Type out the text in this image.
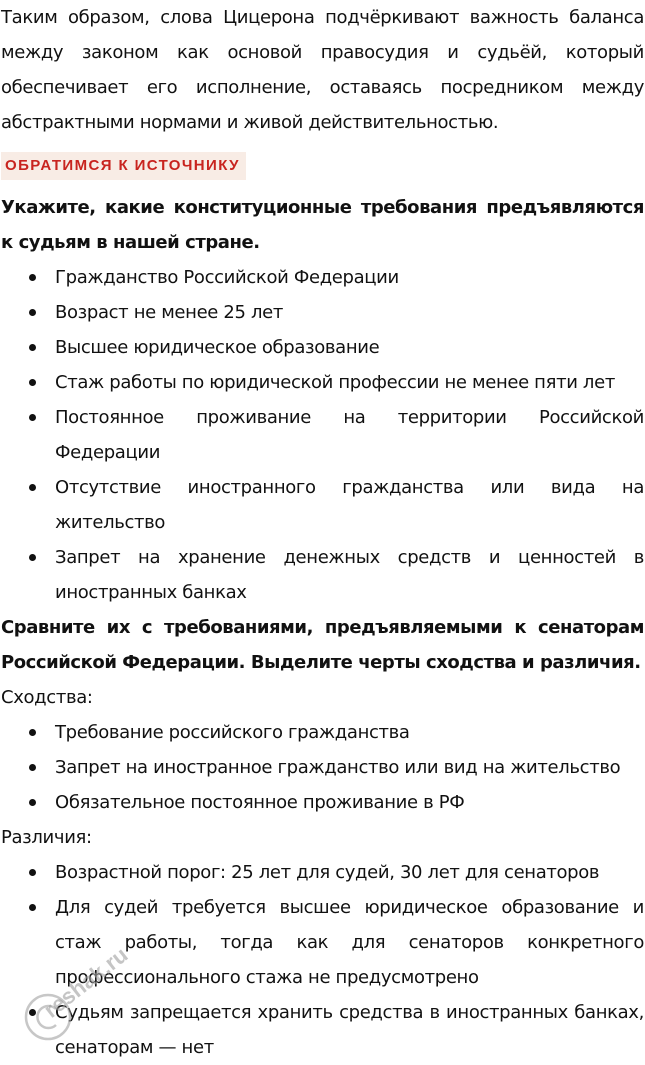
Таким образом, слова Цицерона подчёркивают важность баланса между законом как основой правосудия и судьёй, который обеспечивает его исполнение, оставаясь посредником между абстрактными нормами и живой действительностью.

ОБРАТИМСЯ К ИСТОЧНИКУ

Укажите, какие конституционные требования предъявляются к судьям в нашей стране.

Гражданство Российской Федерации
Возраст не менее 25 лет
Высшее юридическое образование
Стаж работы по юридической профессии не менее пяти лет
Постоянное проживание на территории Российской Федерации
Отсутствие иностранного гражданства или вида на жительство
Запрет на хранение денежных средств и ценностей в иностранных банках

Сравните их с требованиями, предъявляемыми к сенаторам Российской Федерации. Выделите черты сходства и различия.

Сходства:

Требование российского гражданства
Запрет на иностранное гражданство или вид на жительство
Обязательное постоянное проживание в РФ

Различия:

Возрастной порог: 25 лет для судей, 30 лет для сенаторов
Для судей требуется высшее юридическое образование и стаж работы, тогда как для сенаторов конкретного профессионального стажа не предусмотрено
Судьям запрещается хранить средства в иностранных банках, сенаторам — нет
reshak.ru
